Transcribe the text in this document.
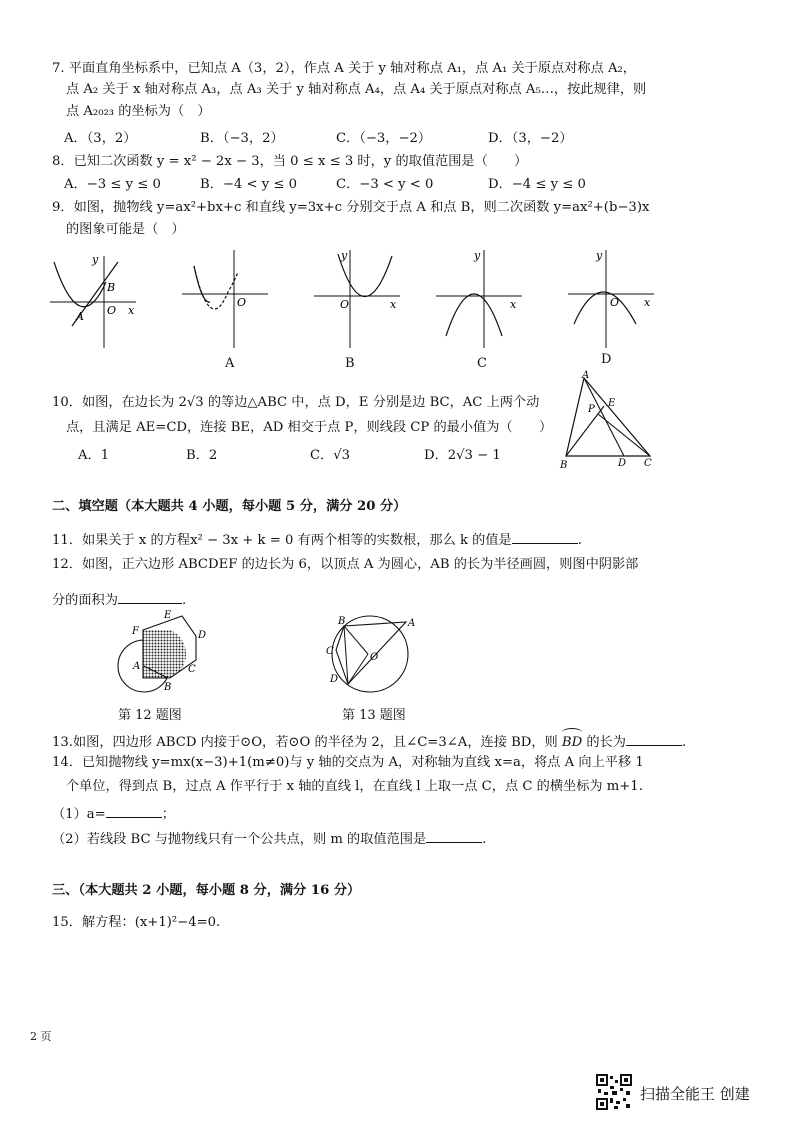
7. 平面直角坐标系中，已知点 A（3，2），作点 A 关于 y 轴对称点 A₁，点 A₁ 关于原点对称点 A₂，
点 A₂ 关于 x 轴对称点 A₃，点 A₃ 关于 y 轴对称点 A₄，点 A₄ 关于原点对称点 A₅…，按此规律，则
点 A₂₀₂₃ 的坐标为（　）
A．（3，2）	B．（−3，2）	C．（−3，−2）	D．（3，−2）
8．已知二次函数 y = x² − 2x − 3，当 0 ≤ x ≤ 3 时，y 的取值范围是（　　）
A．−3 ≤ y ≤ 0	B．−4 < y ≤ 0	C．−3 < y < 0	D．−4 ≤ y ≤ 0
9．如图，抛物线 y=ax²+bx+c 和直线 y=3x+c 分别交于点 A 和点 B，则二次函数 y=ax²+(b−3)x
的图象可能是（　）
y
x
O
B
A
O
A
y
x
O
B
y
x
C
y
x
O
D
10．如图，在边长为 2√3 的等边△ABC 中，点 D，E 分别是边 BC，AC 上两个动
点，且满足 AE=CD，连接 BE，AD 相交于点 P，则线段 CP 的最小值为（　　）
A．1	B．2	C．√3	D．2√3 − 1
A
E
P
B	D C
二、填空题（本大题共 4 小题，每小题 5 分，满分 20 分）
11．如果关于 x 的方程x² − 3x + k = 0 有两个相等的实数根，那么 k 的值是	.
12．如图，正六边形 ABCDEF 的边长为 6，以顶点 A 为圆心，AB 的长为半径画圆，则图中阴影部
分的面积为	.
F
E
D
C
A
B
第 12 题图
B	A
C
O
D
第 13 题图
13.如图，四边形 ABCD 内接于⊙O，若⊙O 的半径为 2，且∠C=3∠A，连接 BD，则
BD 的长为	.
14．已知抛物线 y=mx(x−3)+1(m≠0)与 y 轴的交点为 A，对称轴为直线 x=a，将点 A 向上平移 1
个单位，得到点 B，过点 A 作平行于 x 轴的直线 l，在直线 l 上取一点 C，点 C 的横坐标为 m+1.
（1）a=	；
（2）若线段 BC 与抛物线只有一个公共点，则 m 的取值范围是	.
三、（本大题共 2 小题，每小题 8 分，满分 16 分）
15．解方程：(x+1)²−4=0.
2 页
扫描全能王 创建
